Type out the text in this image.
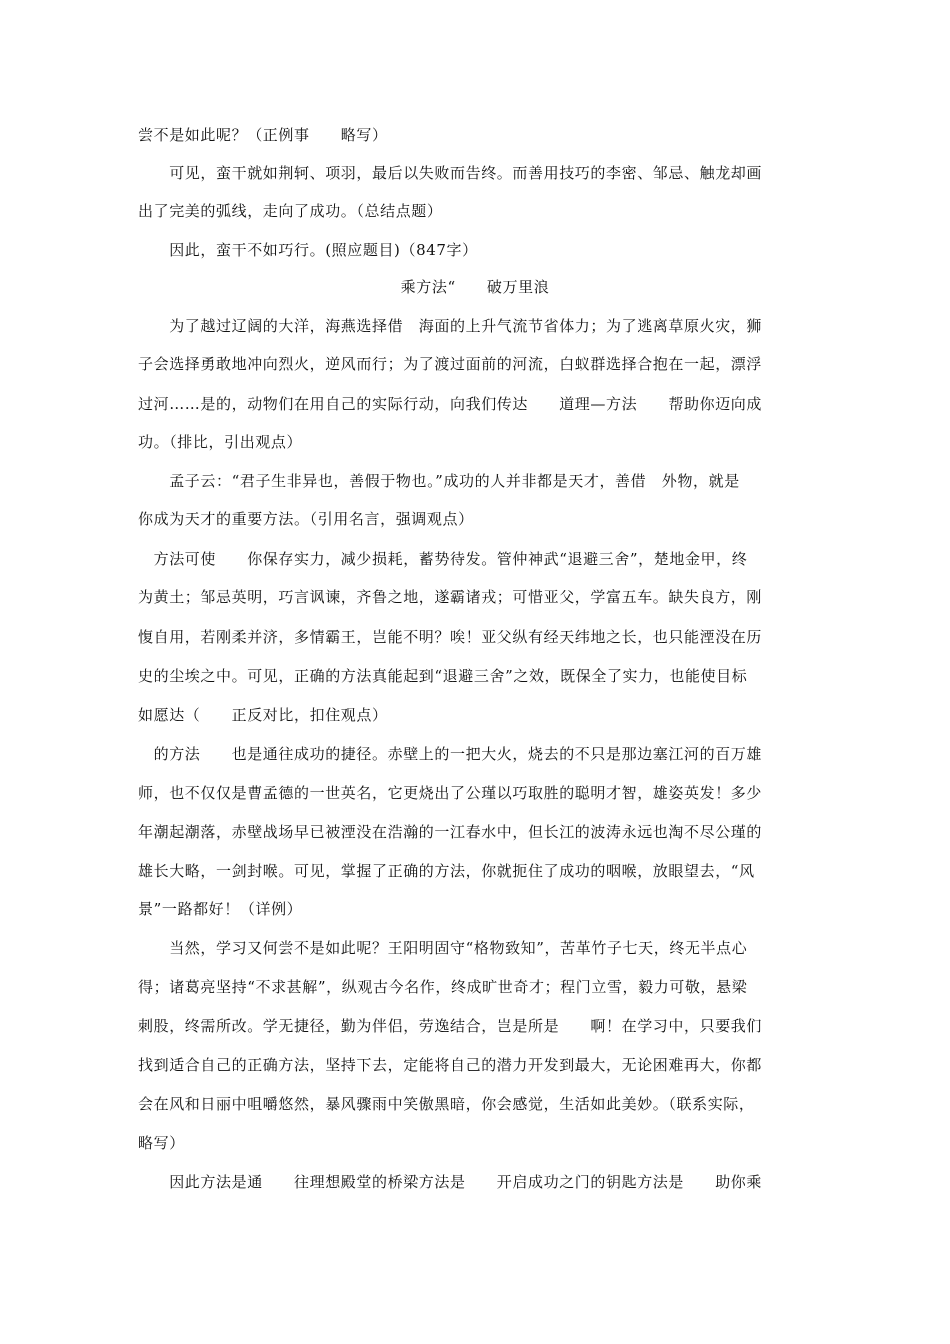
尝不是如此呢？（正例事　　略写）
　　可见，蛮干就如荆轲、项羽，最后以失败而告终。而善用技巧的李密、邹忌、触龙却画
出了完美的弧线，走向了成功。（总结点题）
　　因此，蛮干不如巧行。(照应题目)（847字）
乘方法“　　破万里浪
　　为了越过辽阔的大洋，海燕选择借　海面的上升气流节省体力；为了逃离草原火灾，狮
子会选择勇敢地冲向烈火，逆风而行；为了渡过面前的河流，白蚁群选择合抱在一起，漂浮
过河……是的，动物们在用自己的实际行动，向我们传达　　道理—方法　　帮助你迈向成
功。（排比，引出观点）
　　孟子云：“君子生非异也，善假于物也。”成功的人并非都是天才，善借　外物，就是
你成为天才的重要方法。（引用名言，强调观点）
　方法可使　　你保存实力，减少损耗，蓄势待发。管仲神武“退避三舍”，楚地金甲，终
为黄土；邹忌英明，巧言讽谏，齐鲁之地，遂霸诸戎；可惜亚父，学富五车。缺失良方，刚
愎自用，若刚柔并济，多情霸王，岂能不明？唉！亚父纵有经天纬地之长，也只能湮没在历
史的尘埃之中。可见，正确的方法真能起到“退避三舍”之效，既保全了实力，也能使目标
如愿达（　　正反对比，扣住观点）
　的方法　　也是通往成功的捷径。赤壁上的一把大火，烧去的不只是那边塞江河的百万雄
师，也不仅仅是曹孟德的一世英名，它更烧出了公瑾以巧取胜的聪明才智，雄姿英发！多少
年潮起潮落，赤壁战场早已被湮没在浩瀚的一江春水中，但长江的波涛永远也淘不尽公瑾的
雄长大略，一剑封喉。可见，掌握了正确的方法，你就扼住了成功的咽喉，放眼望去，“风
景”一路都好！（详例）
　　当然，学习又何尝不是如此呢？王阳明固守“格物致知”，苦革竹子七天，终无半点心
得；诸葛亮坚持“不求甚解”，纵观古今名作，终成旷世奇才；程门立雪，毅力可敬，悬梁
刺股，终需所改。学无捷径，勤为伴侣，劳逸结合，岂是所是　　啊！在学习中，只要我们
找到适合自己的正确方法，坚持下去，定能将自己的潜力开发到最大，无论困难再大，你都
会在风和日丽中咀嚼悠然，暴风骤雨中笑傲黑暗，你会感觉，生活如此美妙。（联系实际，
略写）
　　因此方法是通　　往理想殿堂的桥梁方法是　　开启成功之门的钥匙方法是　　助你乘
